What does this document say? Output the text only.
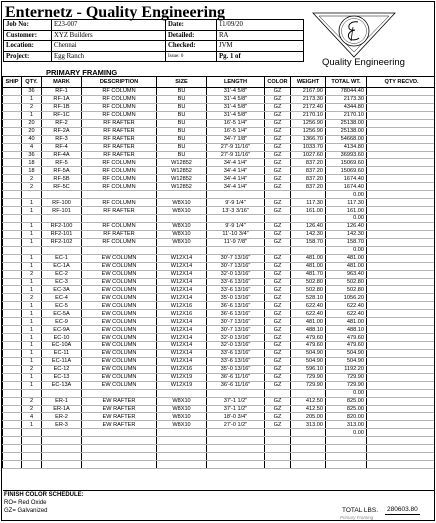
Enternetz - Quality Engineering
Job No:	E23-007	Date:	11/09/20
Customer:	XYZ Builders	Detailed:	RA
Location:	Chennai	Checked:	JVM
Project:	Egg Ranch	Issue: 0	Pg. 1 of
Quality Engineering
PRIMARY FRAMING
SHIP	QTY.	MARK	DESCRIPTION	SIZE	LENGTH	COLOR	WEIGHT	TOTAL WT.	QTY RECVD.
	36	RF-1	RF COLUMN	BU	31'-4 5/8"	GZ	2167.90	78044.40	
	1	RF-1A	RF COLUMN	BU	31'-4 5/8"	GZ	2173.30	2173.30	
	2	RF-1B	RF COLUMN	BU	31'-4 5/8"	GZ	2172.40	4344.80	
	1	RF-1C	RF COLUMN	BU	31'-4 5/8"	GZ	2170.10	2170.10	
	20	RF-2	RF RAFTER	BU	16'-5 1/4"	GZ	1256.90	25138.00	
	20	RF-2A	RF RAFTER	BU	16'-5 1/4"	GZ	1256.90	25138.00	
	40	RF-3	RF RAFTER	BU	34'-7 1/8"	GZ	1366.70	54668.00	
	4	RF-4	RF RAFTER	BU	27'-9 11/16"	GZ	1033.70	4134.80	
	36	RF-4A	RF RAFTER	BU	27'-9 11/16"	GZ	1027.60	36993.60	
	18	RF-5	RF COLUMN	W12852	34'-4 1/4"	GZ	837.20	15069.60	
	18	RF-5A	RF COLUMN	W12852	34'-4 1/4"	GZ	837.20	15069.60	
	2	RF-5B	RF COLUMN	W12852	34'-4 1/4"	GZ	837.20	1674.40	
	2	RF-5C	RF COLUMN	W12852	34'-4 1/4"	GZ	837.20	1674.40	
								0.00	
	1	RF-100	RF COLUMN	W8X10	9'-9 1/4"	GZ	117.30	117.30	
	1	RF-101	RF RAFTER	W8X10	13'-3 3/16"	GZ	161.00	161.00	
								0.00	
	1	RF2-100	RF COLUMN	W8X10	9'-9 1/4"	GZ	126.40	126.40	
	1	RF2-101	RF RAFTER	W8X10	11'-10 3/4"	GZ	142.30	142.30	
	1	RF2-102	RF COLUMN	W8X10	11'-9 7/8"	GZ	158.70	158.70	
								0.00	
	1	EC-1	EW COLUMN	W12X14	30'-7 13/16"	GZ	481.00	481.00	
	1	EC-1A	EW COLUMN	W12X14	30'-7 13/16"	GZ	481.00	481.00	
	2	EC-2	EW COLUMN	W12X14	32'-0 13/16"	GZ	481.70	963.40	
	1	EC-3	EW COLUMN	W12X14	33'-6 13/16"	GZ	502.80	502.80	
	1	EC-3A	EW COLUMN	W12X14	33'-6 13/16"	GZ	502.80	502.80	
	2	EC-4	EW COLUMN	W12X14	35'-0 13/16"	GZ	528.10	1056.20	
	1	EC-5	EW COLUMN	W12X16	36'-6 13/16"	GZ	622.40	622.40	
	1	EC-5A	EW COLUMN	W12X16	36'-6 13/16"	GZ	622.40	622.40	
	1	EC-9	EW COLUMN	W12X14	30'-7 13/16"	GZ	481.00	481.00	
	1	EC-9A	EW COLUMN	W12X14	30'-7 13/16"	GZ	488.10	488.10	
	1	EC-10	EW COLUMN	W12X14	32'-0 13/16"	GZ	479.60	479.60	
	1	EC-10A	EW COLUMN	W12X14	32'-0 13/16"	GZ	479.60	479.60	
	1	EC-11	EW COLUMN	W12X14	33'-6 13/16"	GZ	504.90	504.90	
	1	EC-11A	EW COLUMN	W12X14	33'-6 13/16"	GZ	504.90	504.90	
	2	EC-12	EW COLUMN	W12X16	35'-0 13/16"	GZ	596.10	1192.20	
	1	EC-13	EW COLUMN	W12X19	36'-6 11/16"	GZ	729.90	729.90	
	1	EC-13A	EW COLUMN	W12X19	36'-6 11/16"	GZ	729.90	729.90	
								0.00	
	2	ER-1	EW RAFTER	W8X10	37'-1 1/2"	GZ	412.50	825.00	
	2	ER-1A	EW RAFTER	W8X10	37'-1 1/2"	GZ	412.50	825.00	
	4	ER-2	EW RAFTER	W8X10	18'-0 3/4"	GZ	205.00	820.00	
	1	ER-3	EW RAFTER	W8X10	27'-0 1/2"	GZ	313.00	313.00	
								0.00	

FINISH COLOR SCHEDULE:
RO= Red Oxide
GZ= Galvanized	TOTAL LBS.	280603.80
Primary Framing
